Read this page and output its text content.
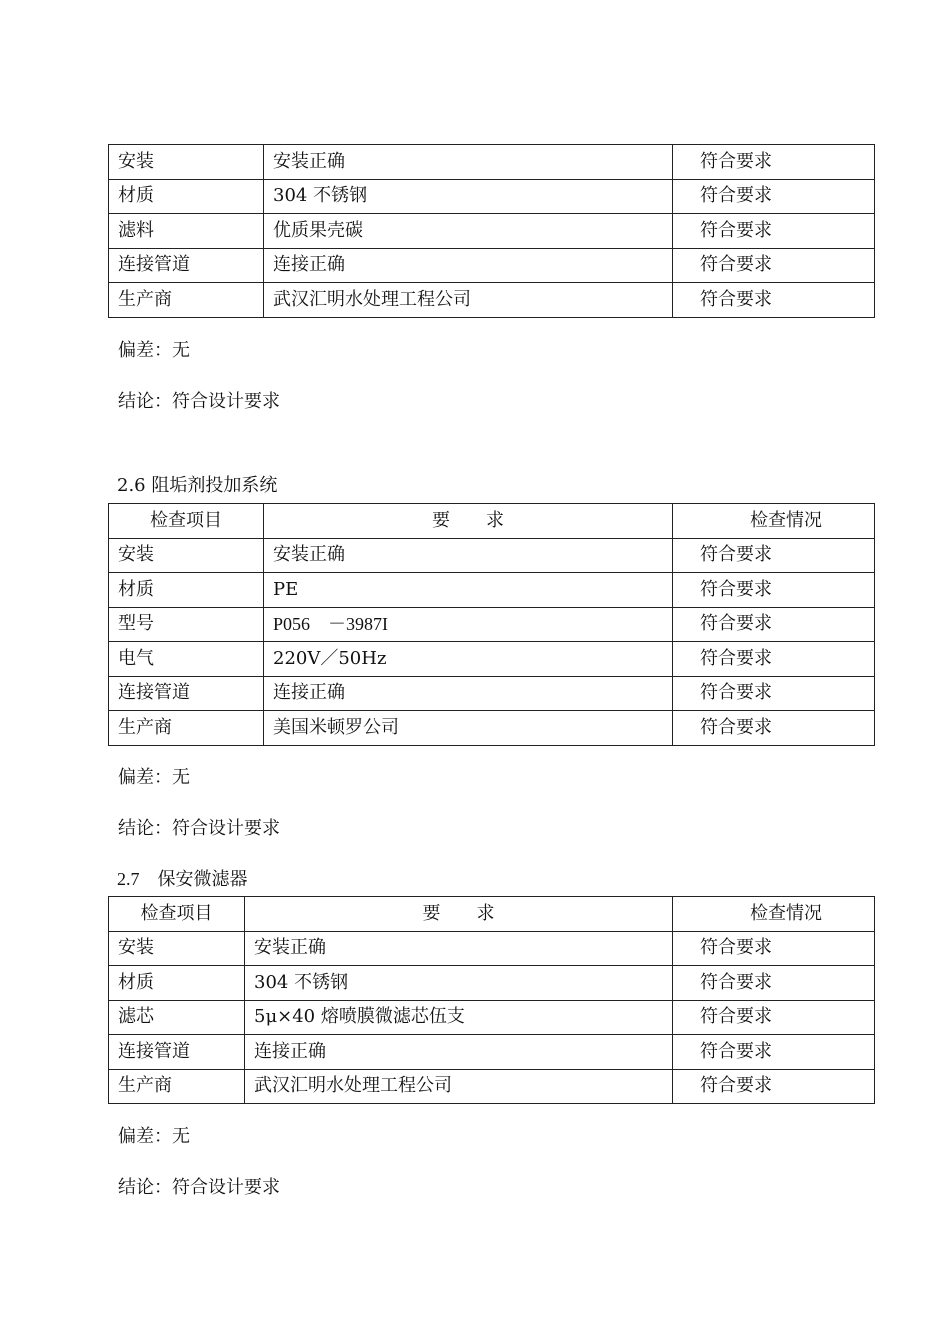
安装	安装正确	符合要求
材质	304 不锈钢	符合要求
滤料	优质果壳碳	符合要求
连接管道	连接正确	符合要求
生产商	武汉汇明水处理工程公司	符合要求
偏差：无
结论：符合设计要求
2.6 阻垢剂投加系统
检查项目	要　　求	检查情况
安装	安装正确	符合要求
材质	PE	符合要求
型号	P056　－3987I	符合要求
电气	220V／50Hz	符合要求
连接管道	连接正确	符合要求
生产商	美国米顿罗公司	符合要求
偏差：无
结论：符合设计要求
2.7　保安微滤器
检查项目	要　　求	检查情况
安装	安装正确	符合要求
材质	304 不锈钢	符合要求
滤芯	5μ×40 熔喷膜微滤芯伍支	符合要求
连接管道	连接正确	符合要求
生产商	武汉汇明水处理工程公司	符合要求
偏差：无
结论：符合设计要求
